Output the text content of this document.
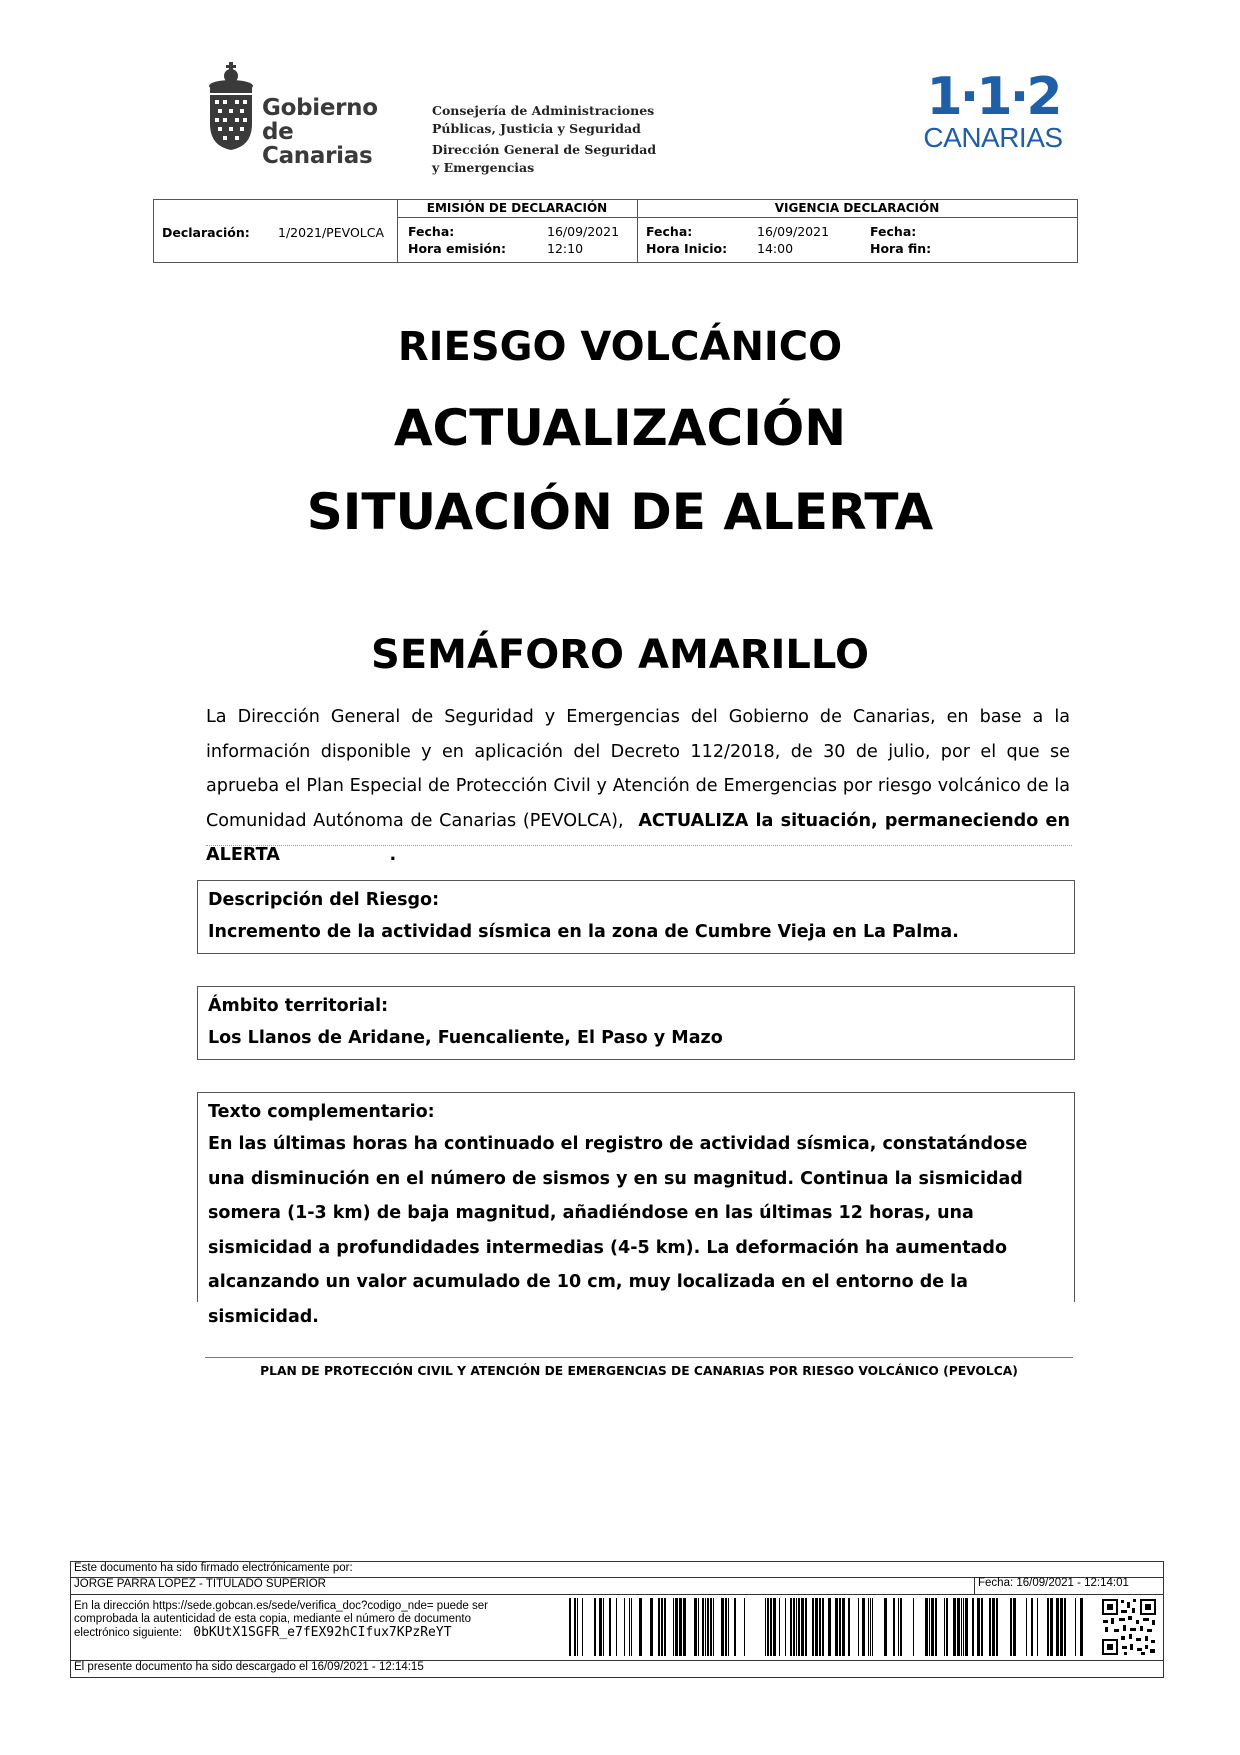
Gobierno
de Canarias
Consejería de Administraciones
Públicas, Justicia y Seguridad
Dirección General de Seguridad
y Emergencias
1·1·2
CANARIAS
Declaración: 1/2021/PEVOLCA
EMISIÓN DE DECLARACIÓN	VIGENCIA DECLARACIÓN
Fecha:	16/09/2021
Hora emisión:	12:10
Fecha:	16/09/2021
Hora Inicio: 14:00
Fecha:
Hora fin:
RIESGO VOLCÁNICO
ACTUALIZACIÓN
SITUACIÓN DE ALERTA
SEMÁFORO AMARILLO
La Dirección General de Seguridad y Emergencias del Gobierno de Canarias, en base a la información disponible y en aplicación del Decreto 112/2018, de 30 de julio, por el que se aprueba el Plan Especial de Protección Civil y Atención de Emergencias por riesgo volcánico de la Comunidad Autónoma de Canarias (PEVOLCA), ACTUALIZA la situación, permaneciendo en ALERTA	.
Descripción del Riesgo:
Incremento de la actividad sísmica en la zona de Cumbre Vieja en La Palma.
Ámbito territorial:
Los Llanos de Aridane, Fuencaliente, El Paso y Mazo
Texto complementario:
En las últimas horas ha continuado el registro de actividad sísmica, constatándose una disminución en el número de sismos y en su magnitud. Continua la sismicidad somera (1-3 km) de baja magnitud, añadiéndose en las últimas 12 horas, una sismicidad a profundidades intermedias (4-5 km). La deformación ha aumentado alcanzando un valor acumulado de 10 cm, muy localizada en el entorno de la sismicidad.
PLAN DE PROTECCIÓN CIVIL Y ATENCIÓN DE EMERGENCIAS DE CANARIAS POR RIESGO VOLCÁNICO (PEVOLCA)
Este documento ha sido firmado electrónicamente por:
JORGE PARRA LOPEZ - TITULADO SUPERIOR	Fecha: 16/09/2021 - 12:14:01
En la dirección https://sede.gobcan.es/sede/verifica_doc?codigo_nde= puede ser
comprobada la autenticidad de esta copia, mediante el número de documento
electrónico siguiente: 0bKUtX1SGFR_e7fEX92hCIfux7KPzReYT
El presente documento ha sido descargado el 16/09/2021 - 12:14:15
